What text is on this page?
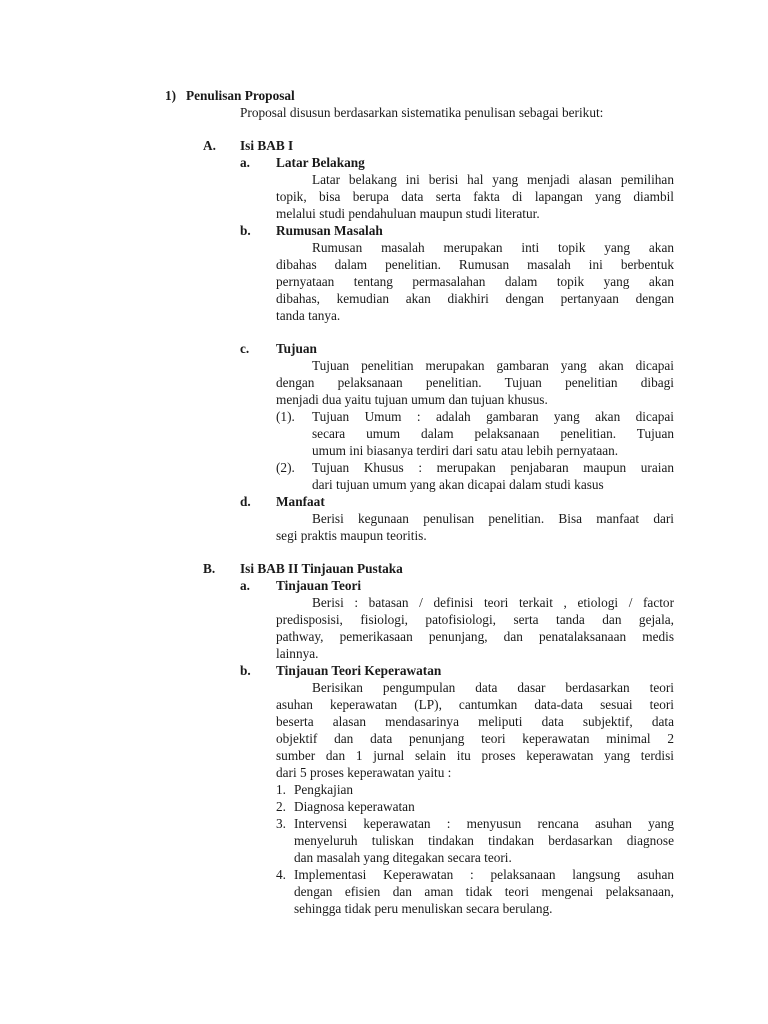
1) Penulisan Proposal
Proposal disusun berdasarkan sistematika penulisan sebagai berikut:
A. Isi BAB I
a. Latar Belakang
Latar belakang ini berisi hal yang menjadi alasan pemilihan
topik, bisa berupa data serta fakta di lapangan yang diambil
melalui studi pendahuluan maupun studi literatur.
b. Rumusan Masalah
Rumusan masalah merupakan inti topik yang akan
dibahas dalam penelitian. Rumusan masalah ini berbentuk
pernyataan tentang permasalahan dalam topik yang akan
dibahas, kemudian akan diakhiri dengan pertanyaan dengan
tanda tanya.
c. Tujuan
Tujuan penelitian merupakan gambaran yang akan dicapai
dengan pelaksanaan penelitian. Tujuan penelitian dibagi
menjadi dua yaitu tujuan umum dan tujuan khusus.
(1). Tujuan Umum : adalah gambaran yang akan dicapai
secara umum dalam pelaksanaan penelitian. Tujuan
umum ini biasanya terdiri dari satu atau lebih pernyataan.
(2). Tujuan Khusus : merupakan penjabaran maupun uraian
dari tujuan umum yang akan dicapai dalam studi kasus
d. Manfaat
Berisi kegunaan penulisan penelitian. Bisa manfaat dari
segi praktis maupun teoritis.
B. Isi BAB II Tinjauan Pustaka
a. Tinjauan Teori
Berisi : batasan / definisi teori terkait , etiologi / factor
predisposisi, fisiologi, patofisiologi, serta tanda dan gejala,
pathway, pemerikasaan penunjang, dan penatalaksanaan medis
lainnya.
b. Tinjauan Teori Keperawatan
Berisikan pengumpulan data dasar berdasarkan teori
asuhan keperawatan (LP), cantumkan data-data sesuai teori
beserta alasan mendasarinya meliputi data subjektif, data
objektif dan data penunjang teori keperawatan minimal 2
sumber dan 1 jurnal selain itu proses keperawatan yang terdisi
dari 5 proses keperawatan yaitu :
1. Pengkajian
2. Diagnosa keperawatan
3. Intervensi keperawatan : menyusun rencana asuhan yang
menyeluruh tuliskan tindakan tindakan berdasarkan diagnose
dan masalah yang ditegakan secara teori.
4. Implementasi Keperawatan : pelaksanaan langsung asuhan
dengan efisien dan aman tidak teori mengenai pelaksanaan,
sehingga tidak peru menuliskan secara berulang.
